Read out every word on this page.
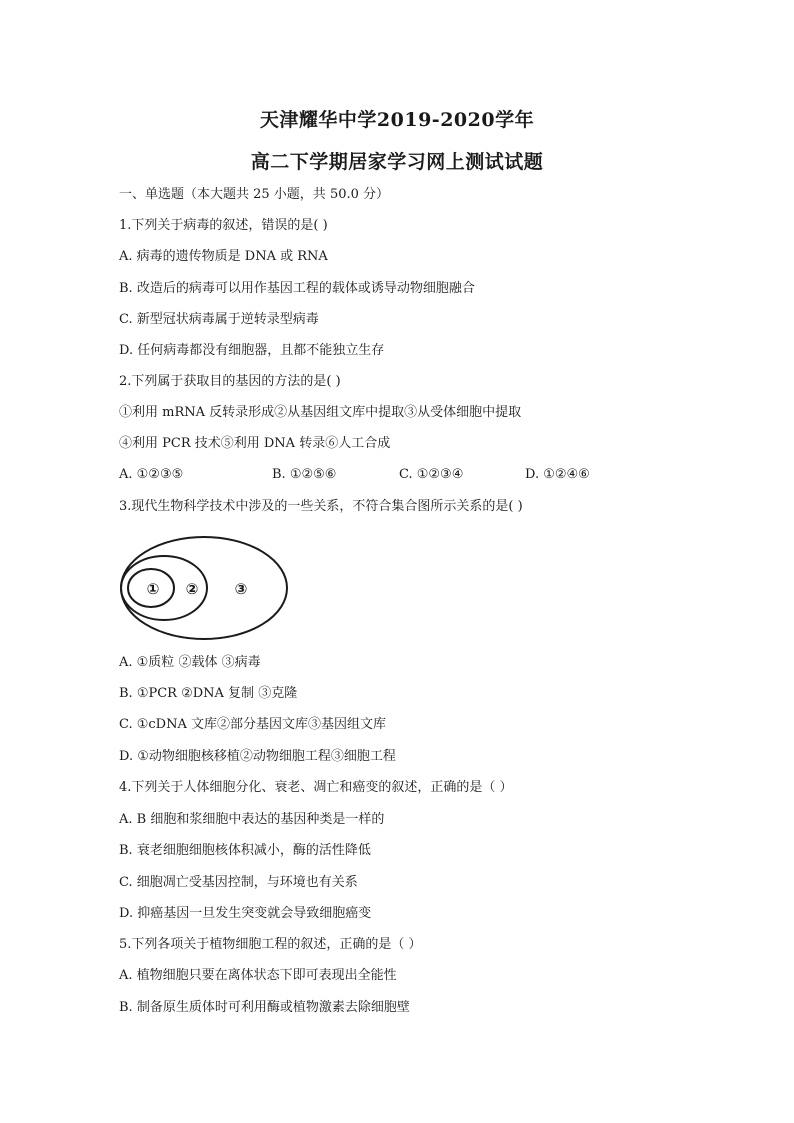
天津耀华中学2019-2020学年
高二下学期居家学习网上测试试题
一、单选题（本大题共 25 小题，共 50.0 分）
1.下列关于病毒的叙述，错误的是( )
A. 病毒的遗传物质是 DNA 或 RNA
B. 改造后的病毒可以用作基因工程的载体或诱导动物细胞融合
C. 新型冠状病毒属于逆转录型病毒
D. 任何病毒都没有细胞器，且都不能独立生存
2.下列属于获取目的基因的方法的是( )
①利用 mRNA 反转录形成②从基因组文库中提取③从受体细胞中提取
④利用 PCR 技术⑤利用 DNA 转录⑥人工合成
A. ①②③⑤	B. ①②⑤⑥	C. ①②③④	D. ①②④⑥
3.现代生物科学技术中涉及的一些关系，不符合集合图所示关系的是( )
① ② ③
A. ①质粒 ②载体 ③病毒
B. ①PCR ②DNA 复制 ③克隆
C. ①cDNA 文库②部分基因文库③基因组文库
D. ①动物细胞核移植②动物细胞工程③细胞工程
4.下列关于人体细胞分化、衰老、凋亡和癌变的叙述，正确的是（ ）
A. B 细胞和浆细胞中表达的基因种类是一样的
B. 衰老细胞细胞核体积减小，酶的活性降低
C. 细胞凋亡受基因控制，与环境也有关系
D. 抑癌基因一旦发生突变就会导致细胞癌变
5.下列各项关于植物细胞工程的叙述，正确的是（ ）
A. 植物细胞只要在离体状态下即可表现出全能性
B. 制备原生质体时可利用酶或植物激素去除细胞壁
